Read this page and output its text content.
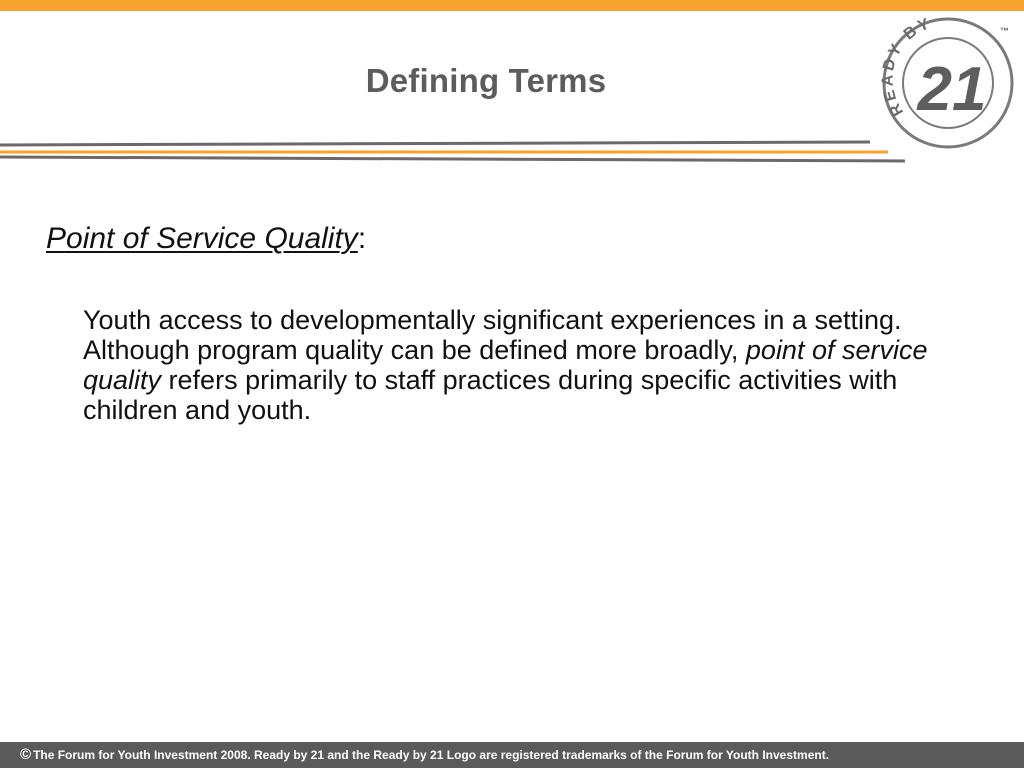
Defining Terms
READY BY
21
™
Point of Service Quality:
Youth access to developmentally significant experiences in a setting. Although program quality can be defined more broadly, point of service quality refers primarily to staff practices during specific activities with children and youth.
© The Forum for Youth Investment 2008. Ready by 21 and the Ready by 21 Logo are registered trademarks of the Forum for Youth Investment.
